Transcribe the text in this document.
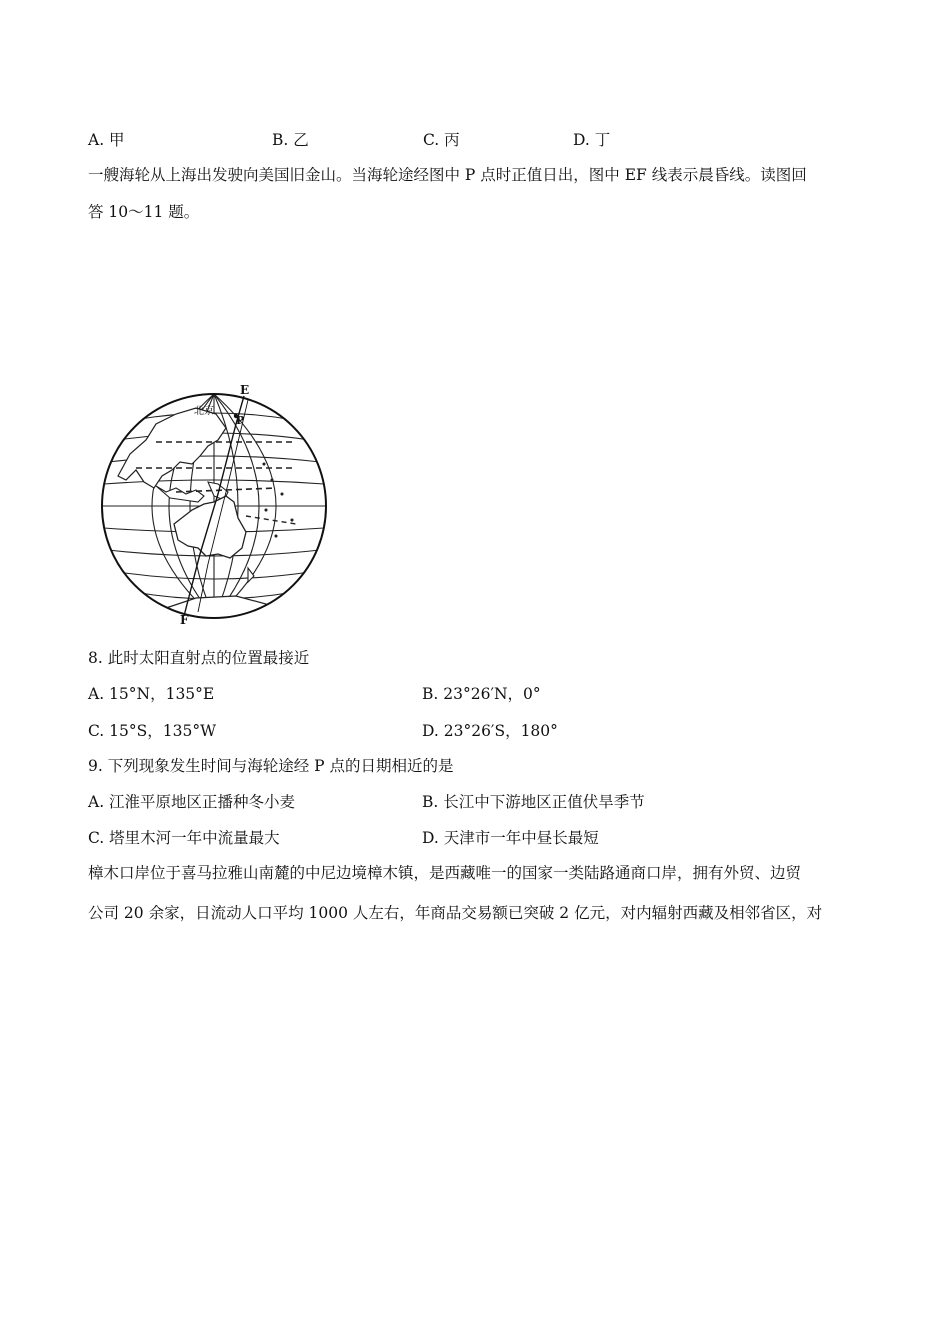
A. 甲	B. 乙	C. 丙	D. 丁
一艘海轮从上海出发驶向美国旧金山。当海轮途经图中 P 点时正值日出，图中 EF 线表示晨昏线。读图回
答 10～11 题。
E
P
F
北京
8. 此时太阳直射点的位置最接近
A. 15°N，135°E	B. 23°26′N，0°
C. 15°S，135°W	D. 23°26′S，180°
9. 下列现象发生时间与海轮途经 P 点的日期相近的是
A. 江淮平原地区正播种冬小麦	B. 长江中下游地区正值伏旱季节
C. 塔里木河一年中流量最大	D. 天津市一年中昼长最短
樟木口岸位于喜马拉雅山南麓的中尼边境樟木镇，是西藏唯一的国家一类陆路通商口岸，拥有外贸、边贸
公司 20 余家，日流动人口平均 1000 人左右，年商品交易额已突破 2 亿元，对内辐射西藏及相邻省区，对
